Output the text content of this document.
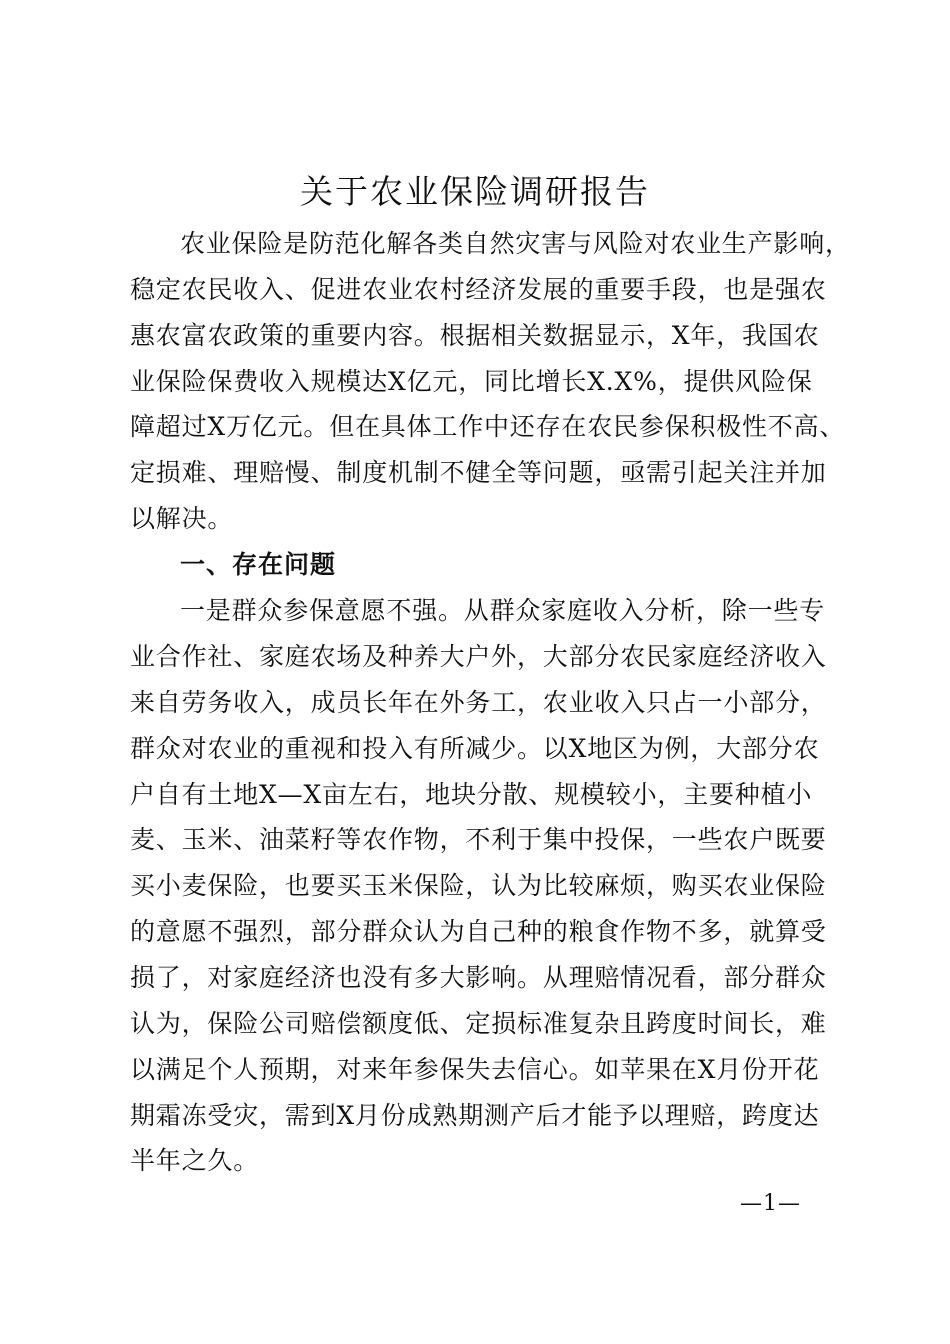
关于农业保险调研报告
农业保险是防范化解各类自然灾害与风险对农业生产影响，
稳定农民收入、促进农业农村经济发展的重要手段，也是强农
惠农富农政策的重要内容。根据相关数据显示，X年，我国农
业保险保费收入规模达X亿元，同比增长X.X%，提供风险保
障超过X万亿元。但在具体工作中还存在农民参保积极性不高、
定损难、理赔慢、制度机制不健全等问题，亟需引起关注并加
以解决。
一、存在问题
一是群众参保意愿不强。从群众家庭收入分析，除一些专
业合作社、家庭农场及种养大户外，大部分农民家庭经济收入
来自劳务收入，成员长年在外务工，农业收入只占一小部分，
群众对农业的重视和投入有所减少。以X地区为例，大部分农
户自有土地X—X亩左右，地块分散、规模较小，主要种植小
麦、玉米、油菜籽等农作物，不利于集中投保，一些农户既要
买小麦保险，也要买玉米保险，认为比较麻烦，购买农业保险
的意愿不强烈，部分群众认为自己种的粮食作物不多，就算受
损了，对家庭经济也没有多大影响。从理赔情况看，部分群众
认为，保险公司赔偿额度低、定损标准复杂且跨度时间长，难
以满足个人预期，对来年参保失去信心。如苹果在X月份开花
期霜冻受灾，需到X月份成熟期测产后才能予以理赔，跨度达
半年之久。
—1—
